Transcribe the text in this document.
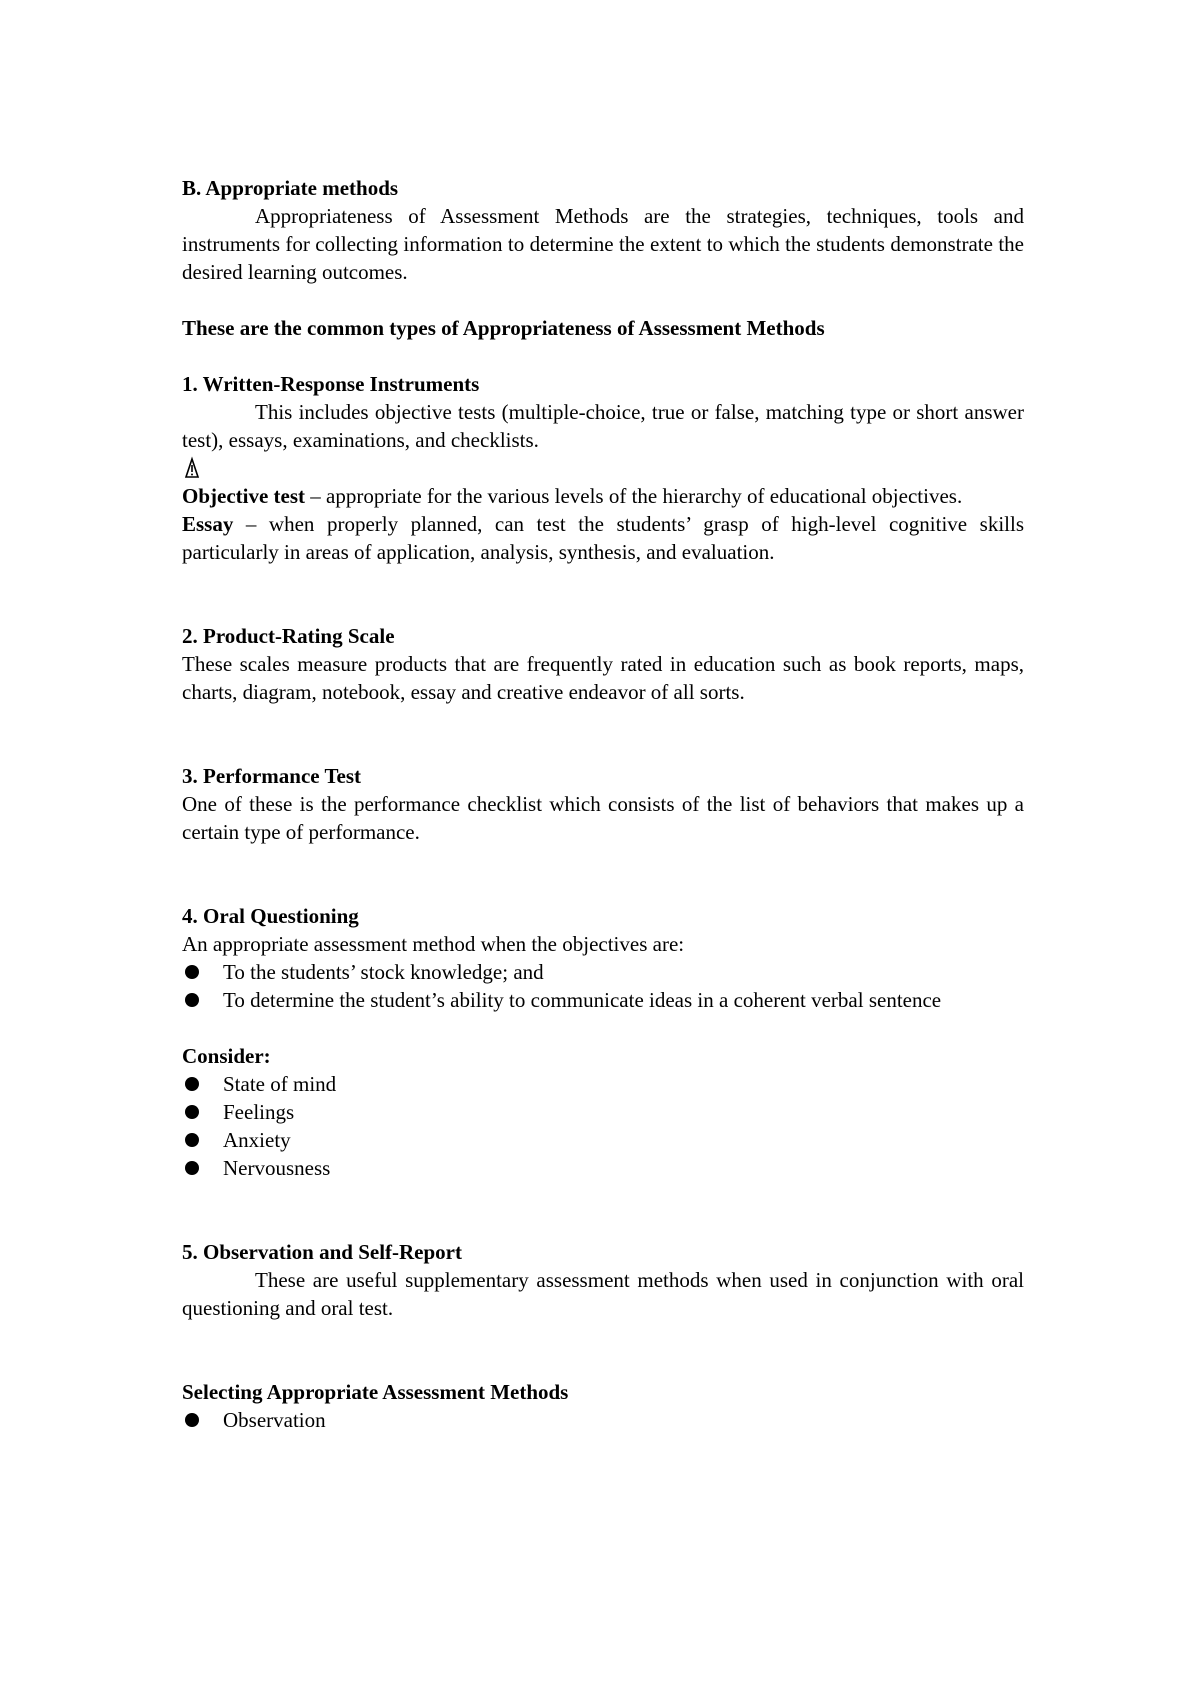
B. Appropriate methods

Appropriateness of Assessment Methods are the strategies, techniques, tools and instruments for collecting information to determine the extent to which the students demonstrate the desired learning outcomes.

These are the common types of Appropriateness of Assessment Methods

1. Written-Response Instruments

This includes objective tests (multiple-choice, true or false, matching type or short answer test), essays, examinations, and checklists.

Objective test – appropriate for the various levels of the hierarchy of educational objectives.

Essay – when properly planned, can test the students’ grasp of high-level cognitive skills particularly in areas of application, analysis, synthesis, and evaluation.

2. Product-Rating Scale

These scales measure products that are frequently rated in education such as book reports, maps, charts, diagram, notebook, essay and creative endeavor of all sorts.

3. Performance Test

One of these is the performance checklist which consists of the list of behaviors that makes up a certain type of performance.

4. Oral Questioning

An appropriate assessment method when the objectives are:

To the students’ stock knowledge; and
To determine the student’s ability to communicate ideas in a coherent verbal sentence

Consider:

State of mind
Feelings
Anxiety
Nervousness

5. Observation and Self-Report

These are useful supplementary assessment methods when used in conjunction with oral questioning and oral test.

Selecting Appropriate Assessment Methods

Observation
